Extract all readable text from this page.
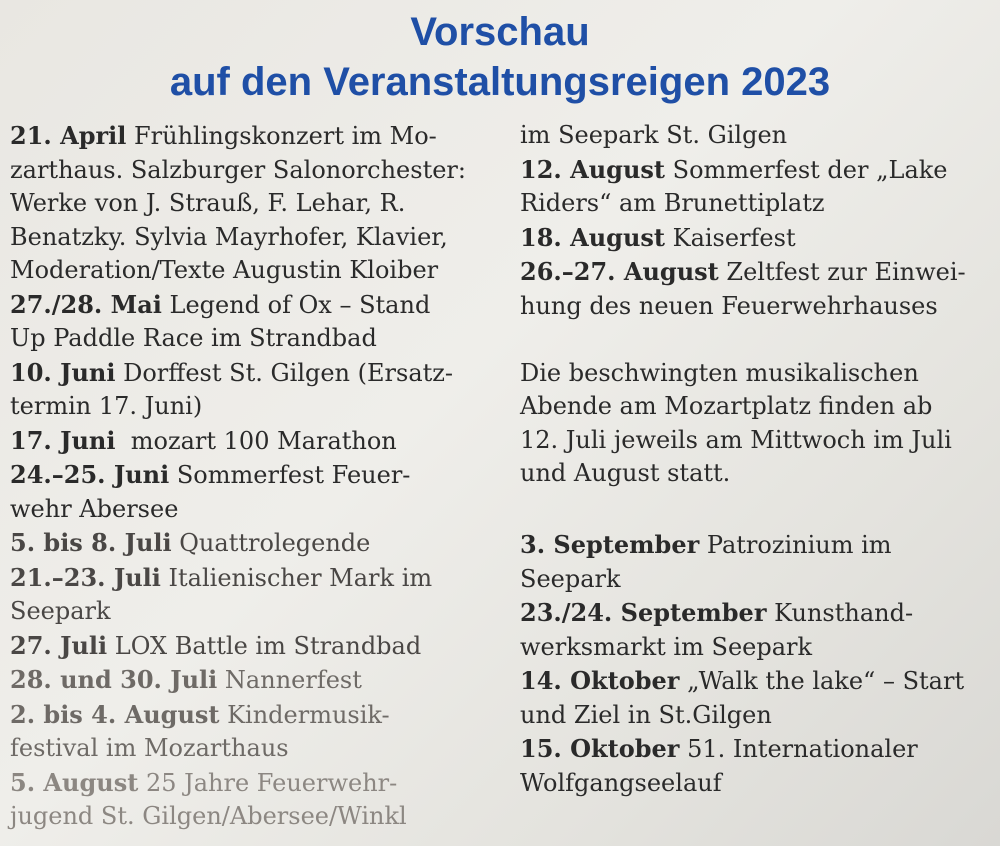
Vorschau
auf den Veranstaltungsreigen 2023
21. April Frühlingskonzert im Mo-
zarthaus. Salzburger Salonorchester:
Werke von J. Strauß, F. Lehar, R.
Benatzky. Sylvia Mayrhofer, Klavier,
Moderation/Texte Augustin Kloiber
27./28. Mai Legend of Ox – Stand
Up Paddle Race im Strandbad
10. Juni Dorffest St. Gilgen (Ersatz-
termin 17. Juni)
17. Juni  mozart 100 Marathon
24.–25. Juni Sommerfest Feuer-
wehr Abersee
5. bis 8. Juli Quattrolegende
21.–23. Juli Italienischer Mark im
Seepark
27. Juli LOX Battle im Strandbad
28. und 30. Juli Nannerfest
2. bis 4. August Kindermusik-
festival im Mozarthaus
5. August 25 Jahre Feuerwehr-
jugend St. Gilgen/Abersee/Winkl
im Seepark St. Gilgen
12. August Sommerfest der „Lake
Riders“ am Brunettiplatz
18. August Kaiserfest
26.–27. August Zeltfest zur Einwei-
hung des neuen Feuerwehrhauses
Die beschwingten musikalischen
Abende am Mozartplatz finden ab
12. Juli jeweils am Mittwoch im Juli
und August statt.
3. September Patrozinium im
Seepark
23./24. September Kunsthand-
werksmarkt im Seepark
14. Oktober „Walk the lake“ – Start
und Ziel in St.Gilgen
15. Oktober 51. Internationaler
Wolfgangseelauf
